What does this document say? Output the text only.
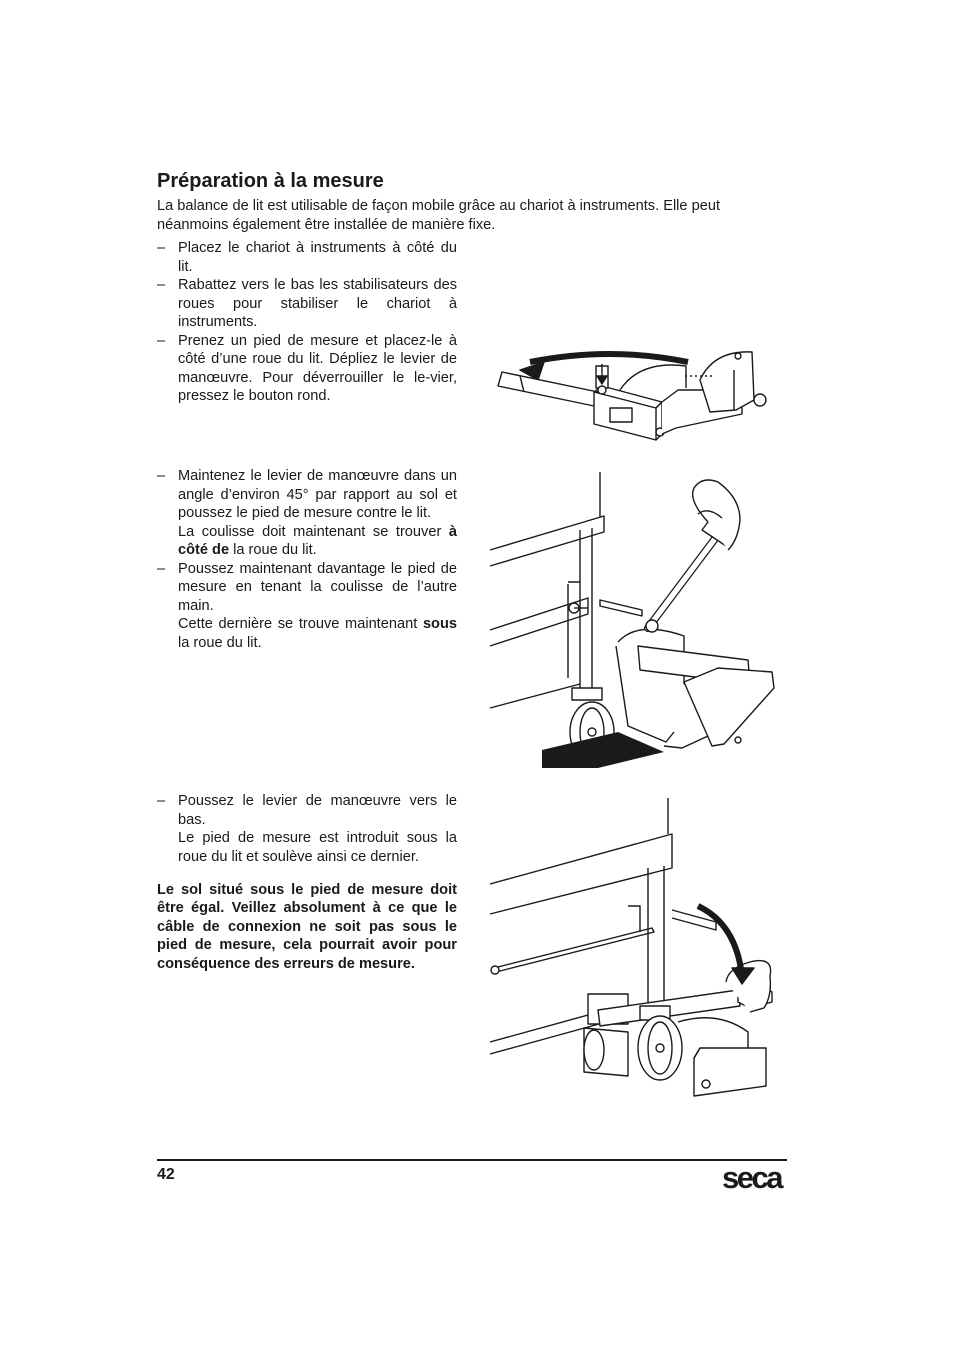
Préparation à la mesure

La balance de lit est utilisable de façon mobile grâce au chariot à instruments. Elle peut néanmoins également être installée de manière fixe.

– Placez le chariot à instruments à côté du lit.

– Rabattez vers le bas les stabilisateurs des roues pour stabiliser le chariot à instruments.

– Prenez un pied de mesure et placez-le à côté d’une roue du lit. Dépliez le levier de manœuvre. Pour déverrouiller le le-vier, pressez le bouton rond.

– Maintenez le levier de manœuvre dans un angle d’environ 45° par rapport au sol et poussez le pied de mesure contre le lit.

La coulisse doit maintenant se trouver à côté de la roue du lit.

– Poussez maintenant davantage le pied de mesure en tenant la coulisse de l’autre main.

Cette dernière se trouve maintenant sous la roue du lit.

– Poussez le levier de manœuvre vers le bas.

Le pied de mesure est introduit sous la roue du lit et soulève ainsi ce dernier.

Le sol situé sous le pied de mesure doit être égal. Veillez absolument à ce que le câble de connexion ne soit pas sous le pied de mesure, cela pourrait avoir pour conséquence des erreurs de mesure.

42	seca
